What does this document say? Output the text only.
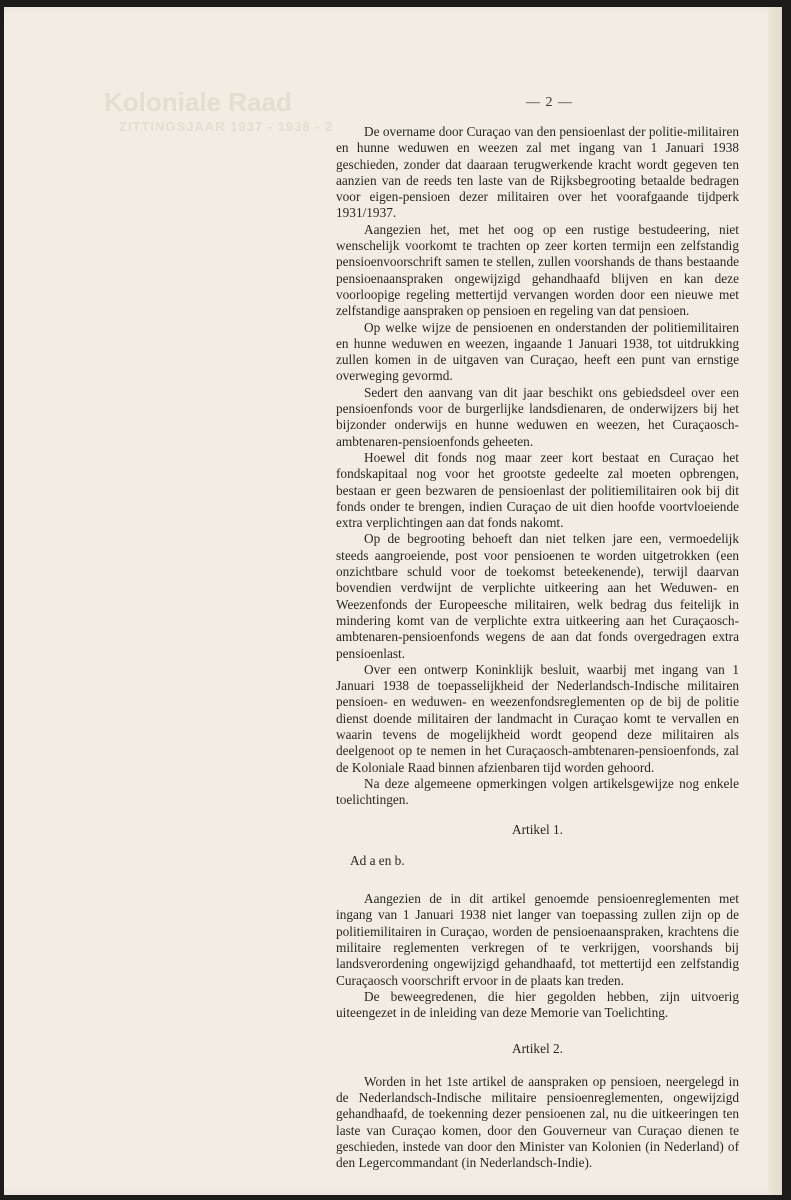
Koloniale Raad
ZITTINGSJAAR 1937 - 1938 - 2
— 2 —

De overname door Curaçao van den pensioenlast der politie-militairen en hunne weduwen en weezen zal met ingang van 1 Januari 1938 geschieden, zonder dat daaraan terugwerkende kracht wordt gegeven ten aanzien van de reeds ten laste van de Rijksbegrooting betaalde bedragen voor eigen-pensioen dezer militairen over het voorafgaande tijdperk 1931/1937.

Aangezien het, met het oog op een rustige bestudeering, niet wenschelijk voorkomt te trachten op zeer korten termijn een zelfstandig pensioenvoorschrift samen te stellen, zullen voorshands de thans bestaande pensioenaanspraken ongewijzigd gehandhaafd blijven en kan deze voorloopige regeling mettertijd vervangen worden door een nieuwe met zelfstandige aanspraken op pensioen en regeling van dat pensioen.

Op welke wijze de pensioenen en onderstanden der politiemilitairen en hunne weduwen en weezen, ingaande 1 Januari 1938, tot uitdrukking zullen komen in de uitgaven van Curaçao, heeft een punt van ernstige overweging gevormd.

Sedert den aanvang van dit jaar beschikt ons gebiedsdeel over een pensioenfonds voor de burgerlijke landsdienaren, de onderwijzers bij het bijzonder onderwijs en hunne weduwen en weezen, het Curaçaosch-ambtenaren-pensioenfonds geheeten.

Hoewel dit fonds nog maar zeer kort bestaat en Curaçao het fondskapitaal nog voor het grootste gedeelte zal moeten opbrengen, bestaan er geen bezwaren de pensioenlast der politiemilitairen ook bij dit fonds onder te brengen, indien Curaçao de uit dien hoofde voortvloeiende extra verplichtingen aan dat fonds nakomt.

Op de begrooting behoeft dan niet telken jare een, vermoedelijk steeds aangroeiende, post voor pensioenen te worden uitgetrokken (een onzichtbare schuld voor de toekomst beteekenende), terwijl daarvan bovendien verdwijnt de verplichte uitkeering aan het Weduwen- en Weezenfonds der Europeesche militairen, welk bedrag dus feitelijk in mindering komt van de verplichte extra uitkeering aan het Curaçaosch-ambtenaren-pensioenfonds wegens de aan dat fonds overgedragen extra pensioenlast.

Over een ontwerp Koninklijk besluit, waarbij met ingang van 1 Januari 1938 de toepasselijkheid der Nederlandsch-Indische militairen pensioen- en weduwen- en weezenfondsreglementen op de bij de politie dienst doende militairen der landmacht in Curaçao komt te vervallen en waarin tevens de mogelijkheid wordt geopend deze militairen als deelgenoot op te nemen in het Curaçaosch-ambtenaren-pensioenfonds, zal de Koloniale Raad binnen afzienbaren tijd worden gehoord.

Na deze algemeene opmerkingen volgen artikelsgewijze nog enkele toelichtingen.

Artikel 1.

Ad a en b.

Aangezien de in dit artikel genoemde pensioenreglementen met ingang van 1 Januari 1938 niet langer van toepassing zullen zijn op de politiemilitairen in Curaçao, worden de pensioenaanspraken, krachtens die militaire reglementen verkregen of te verkrijgen, voorshands bij landsverordening ongewijzigd gehandhaafd, tot mettertijd een zelfstandig Curaçaosch voorschrift ervoor in de plaats kan treden.

De beweegredenen, die hier gegolden hebben, zijn uitvoerig uiteengezet in de inleiding van deze Memorie van Toelichting.

Artikel 2.

Worden in het 1ste artikel de aanspraken op pensioen, neergelegd in de Nederlandsch-Indische militaire pensioenreglementen, ongewijzigd gehandhaafd, de toekenning dezer pensioenen zal, nu die uitkeeringen ten laste van Curaçao komen, door den Gouverneur van Curaçao dienen te geschieden, instede van door den Minister van Kolonien (in Nederland) of den Legercommandant (in Nederlandsch-Indie).
